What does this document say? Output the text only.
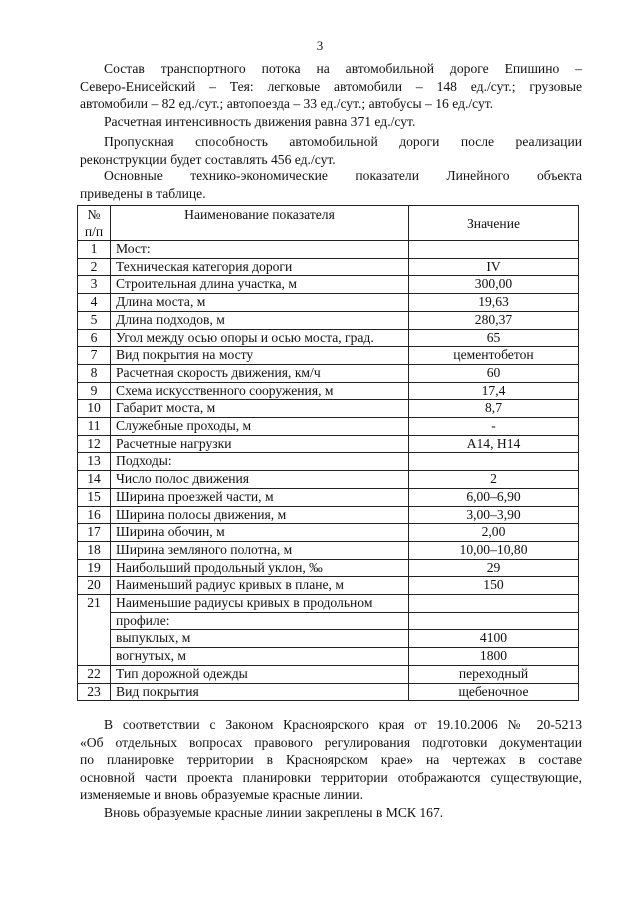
3
Состав транспортного потока на автомобильной дороге Епишино –
Северо-Енисейский – Тея: легковые автомобили – 148 ед./сут.; грузовые
автомобили – 82 ед./сут.; автопоезда – 33 ед./сут.; автобусы – 16 ед./сут.
Расчетная интенсивность движения равна 371 ед./сут.
Пропускная способность автомобильной дороги после реализации
реконструкции будет составлять 456 ед./сут.
Основные технико-экономические показатели Линейного объекта
приведены в таблице.
№
п/п	Наименование показателя	Значение
1	Мост:	
2	Техническая категория дороги	IV
3	Строительная длина участка, м	300,00
4	Длина моста, м	19,63
5	Длина подходов, м	280,37
6	Угол между осью опоры и осью моста, град.	65
7	Вид покрытия на мосту	цементобетон
8	Расчетная скорость движения, км/ч	60
9	Схема искусственного сооружения, м	17,4
10	Габарит моста, м	8,7
11	Служебные проходы, м	-
12	Расчетные нагрузки	А14, Н14
13	Подходы:	
14	Число полос движения	2
15	Ширина проезжей части, м	6,00–6,90
16	Ширина полосы движения, м	3,00–3,90
17	Ширина обочин, м	2,00
18	Ширина земляного полотна, м	10,00–10,80
19	Наибольший продольный уклон, ‰	29
20	Наименьший радиус кривых в плане, м	150
21	Наименьшие радиусы кривых в продольном	
	профиле:	
	выпуклых, м	4100
	вогнутых, м	1800
22	Тип дорожной одежды	переходный
23	Вид покрытия	щебеночное
В соответствии с Законом Красноярского края от 19.10.2006 № 20-5213
«Об отдельных вопросах правового регулирования подготовки документации
по планировке территории в Красноярском крае» на чертежах в составе
основной части проекта планировки территории отображаются существующие,
изменяемые и вновь образуемые красные линии.
Вновь образуемые красные линии закреплены в МСК 167.
